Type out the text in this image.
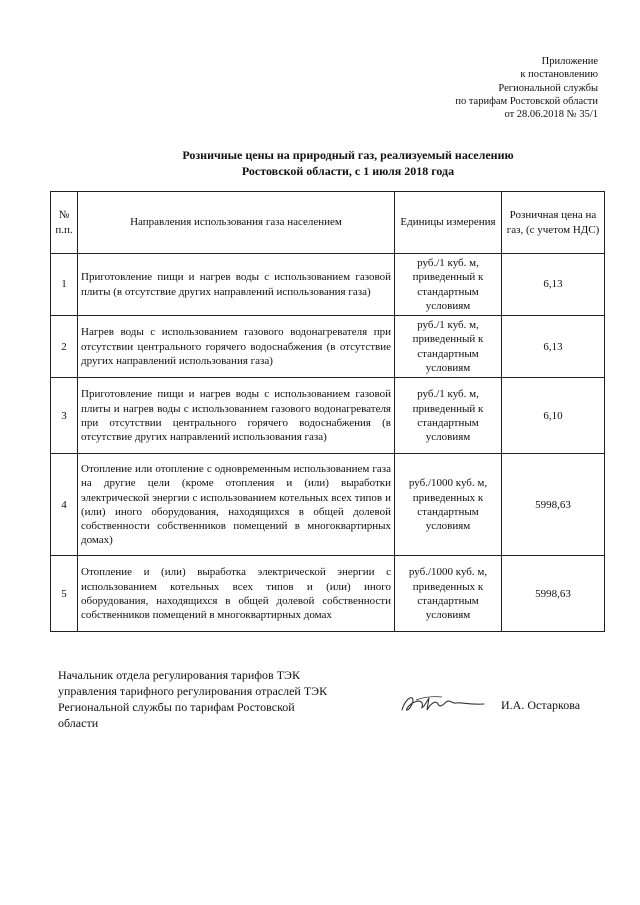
Приложение
к постановлению
Региональной службы
по тарифам Ростовской области
от 28.06.2018 № 35/1
Розничные цены на природный газ, реализуемый населению
Ростовской области, с 1 июля 2018 года
№ п.п.	Направления использования газа населением	Единицы измерения	Розничная цена на газ, (с учетом НДС)
1	Приготовление пищи и нагрев воды с использованием газовой плиты (в отсутствие других направлений использования газа)	руб./1 куб. м, приведенный к стандартным условиям	6,13
2	Нагрев воды с использованием газового водонагревателя при отсутствии центрального горячего водоснабжения (в отсутствие других направлений использования газа)	руб./1 куб. м, приведенный к стандартным условиям	6,13
3	Приготовление пищи и нагрев воды с использованием газовой плиты и нагрев воды с использованием газового водонагревателя при отсутствии центрального горячего водоснабжения (в отсутствие других направлений использования газа)	руб./1 куб. м, приведенный к стандартным условиям	6,10
4	Отопление или отопление с одновременным использованием газа на другие цели (кроме отопления и (или) выработки электрической энергии с использованием котельных всех типов и (или) иного оборудования, находящихся в общей долевой собственности собственников помещений в многоквартирных домах)	руб./1000 куб. м, приведенных к стандартным условиям	5998,63
5	Отопление и (или) выработка электрической энергии с использованием котельных всех типов и (или) иного оборудования, находящихся в общей долевой собственности собственников помещений в многоквартирных домах	руб./1000 куб. м, приведенных к стандартным условиям	5998,63
Начальник отдела регулирования тарифов ТЭК
управления тарифного регулирования отраслей ТЭК
Региональной службы по тарифам Ростовской
области
И.А. Остаркова
